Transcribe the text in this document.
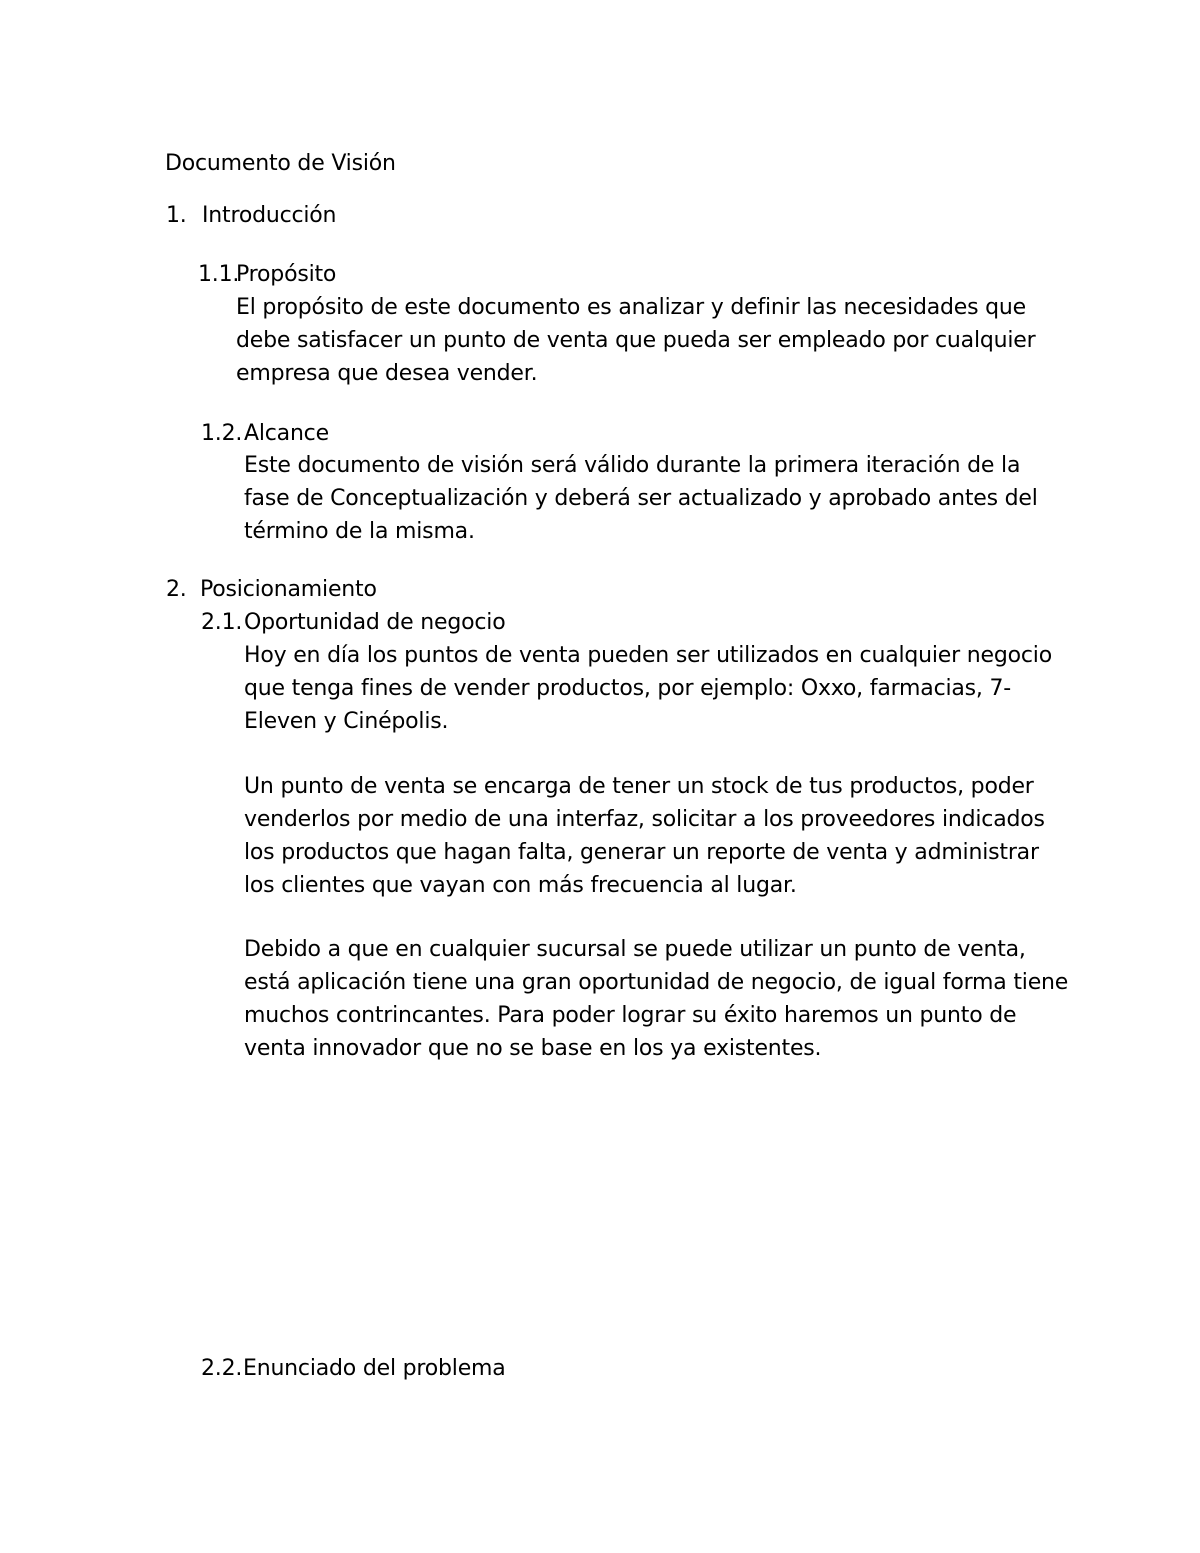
Documento de Visión
1. Introducción
1.1.
Propósito
El propósito de este documento es analizar y definir las necesidades que
debe satisfacer un punto de venta que pueda ser empleado por cualquier
empresa que desea vender.
1.2. Alcance
Este documento de visión será válido durante la primera iteración de la
fase de Conceptualización y deberá ser actualizado y aprobado antes del
término de la misma.
2. Posicionamiento
2.1. Oportunidad de negocio
Hoy en día los puntos de venta pueden ser utilizados en cualquier negocio
que tenga fines de vender productos, por ejemplo: Oxxo, farmacias, 7-
Eleven y Cinépolis.
Un punto de venta se encarga de tener un stock de tus productos, poder
venderlos por medio de una interfaz, solicitar a los proveedores indicados
los productos que hagan falta, generar un reporte de venta y administrar
los clientes que vayan con más frecuencia al lugar.
Debido a que en cualquier sucursal se puede utilizar un punto de venta,
está aplicación tiene una gran oportunidad de negocio, de igual forma tiene
muchos contrincantes. Para poder lograr su éxito haremos un punto de
venta innovador que no se base en los ya existentes.
2.2. Enunciado del problema
